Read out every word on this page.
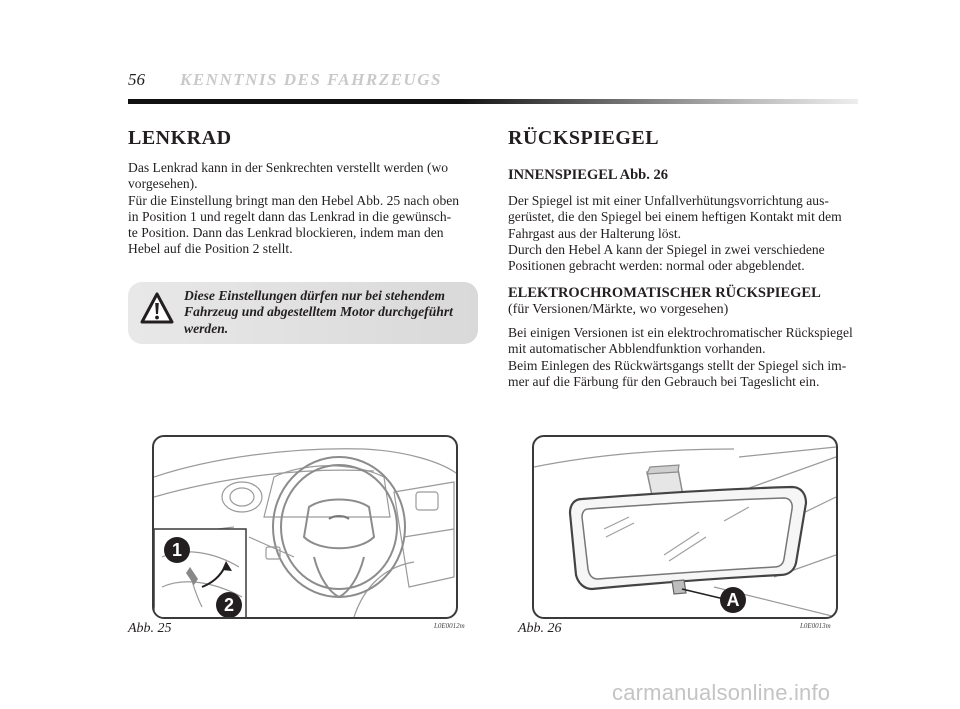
56 KENNTNIS DES FAHRZEUGS
LENKRAD
Das Lenkrad kann in der Senkrechten verstellt werden (wo
vorgesehen).
Für die Einstellung bringt man den Hebel Abb. 25 nach oben
in Position 1 und regelt dann das Lenkrad in die gewünsch-
te Position. Dann das Lenkrad blockieren, indem man den
Hebel auf die Position 2 stellt.
Diese Einstellungen dürfen nur bei stehendem
Fahrzeug und abgestelltem Motor durchgeführt
werden.
RÜCKSPIEGEL
INNENSPIEGEL Abb. 26
Der Spiegel ist mit einer Unfallverhütungsvorrichtung aus-
gerüstet, die den Spiegel bei einem heftigen Kontakt mit dem
Fahrgast aus der Halterung löst.
Durch den Hebel A kann der Spiegel in zwei verschiedene
Positionen gebracht werden: normal oder abgeblendet.
ELEKTROCHROMATISCHER RÜCKSPIEGEL
(für Versionen/Märkte, wo vorgesehen)
Bei einigen Versionen ist ein elektrochromatischer Rückspiegel
mit automatischer Abblendfunktion vorhanden.
Beim Einlegen des Rückwärtsgangs stellt der Spiegel sich im-
mer auf die Färbung für den Gebrauch bei Tageslicht ein.
1
2
Abb. 25	L0E0012m
A
Abb. 26	L0E0013m
carmanualsonline.info
